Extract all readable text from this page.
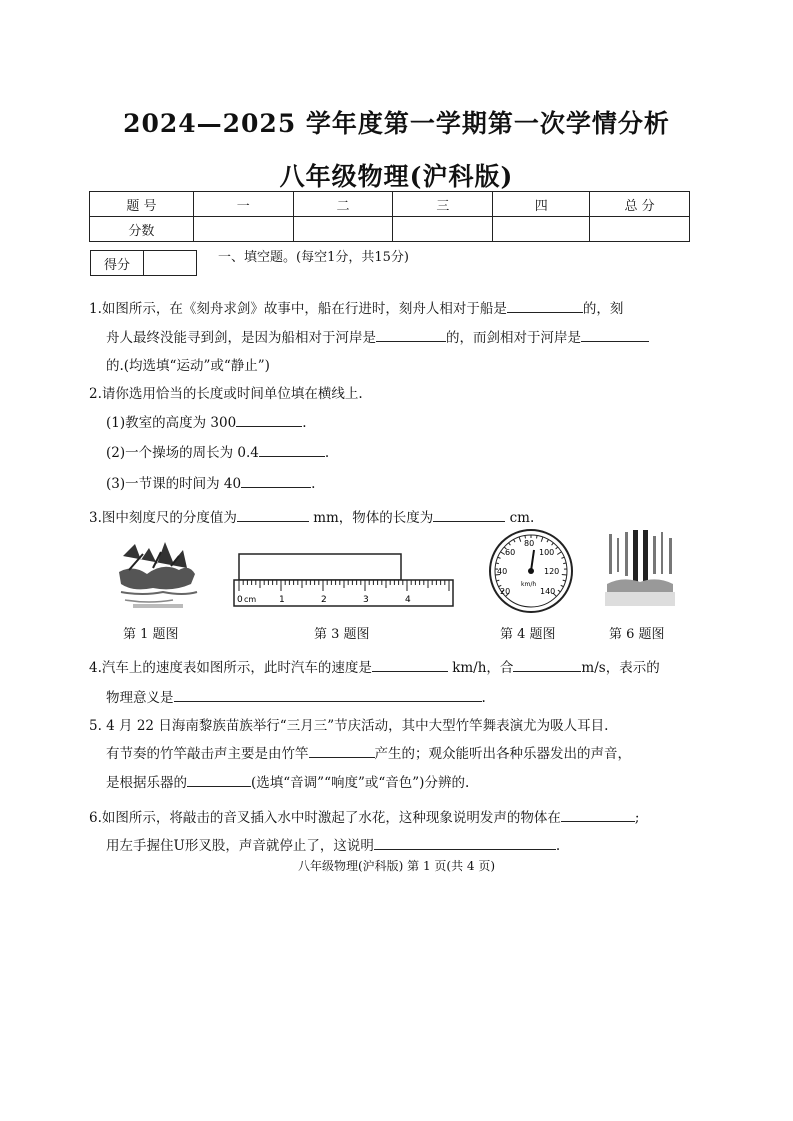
2024—2025 学年度第一学期第一次学情分析
八年级物理(沪科版)
题 号	一	二	三	四	总 分
分数					
得分	一、填空题。(每空1分，共15分)
1.如图所示，在《刻舟求剑》故事中，船在行进时，刻舟人相对于船是	的，刻
舟人最终没能寻到剑，是因为船相对于河岸是	的，而剑相对于河岸是
的.(均选填“运动”或“静止”)
2.请你选用恰当的长度或时间单位填在横线上.
(1)教室的高度为 300	.
(2)一个操场的周长为 0.4	.
(3)一节课的时间为 40	.
3.图中刻度尺的分度值为	mm，物体的长度为	cm.
0 cm	1	2	3	4
20
40
60
80
100
120
140
km/h
第 1 题图	第 3 题图	第 4 题图	第 6 题图
4.汽车上的速度表如图所示，此时汽车的速度是	km/h，合	m/s，表示的
物理意义是	.
5. 4 月 22 日海南黎族苗族举行“三月三”节庆活动，其中大型竹竿舞表演尤为吸人耳目.
有节奏的竹竿敲击声主要是由竹竿	产生的；观众能听出各种乐器发出的声音，
是根据乐器的	(选填“音调”“响度”或“音色”)分辨的.
6.如图所示，将敲击的音叉插入水中时激起了水花，这种现象说明发声的物体在	;
用左手握住U形叉股，声音就停止了，这说明	.
八年级物理(沪科版) 第 1 页(共 4 页)
